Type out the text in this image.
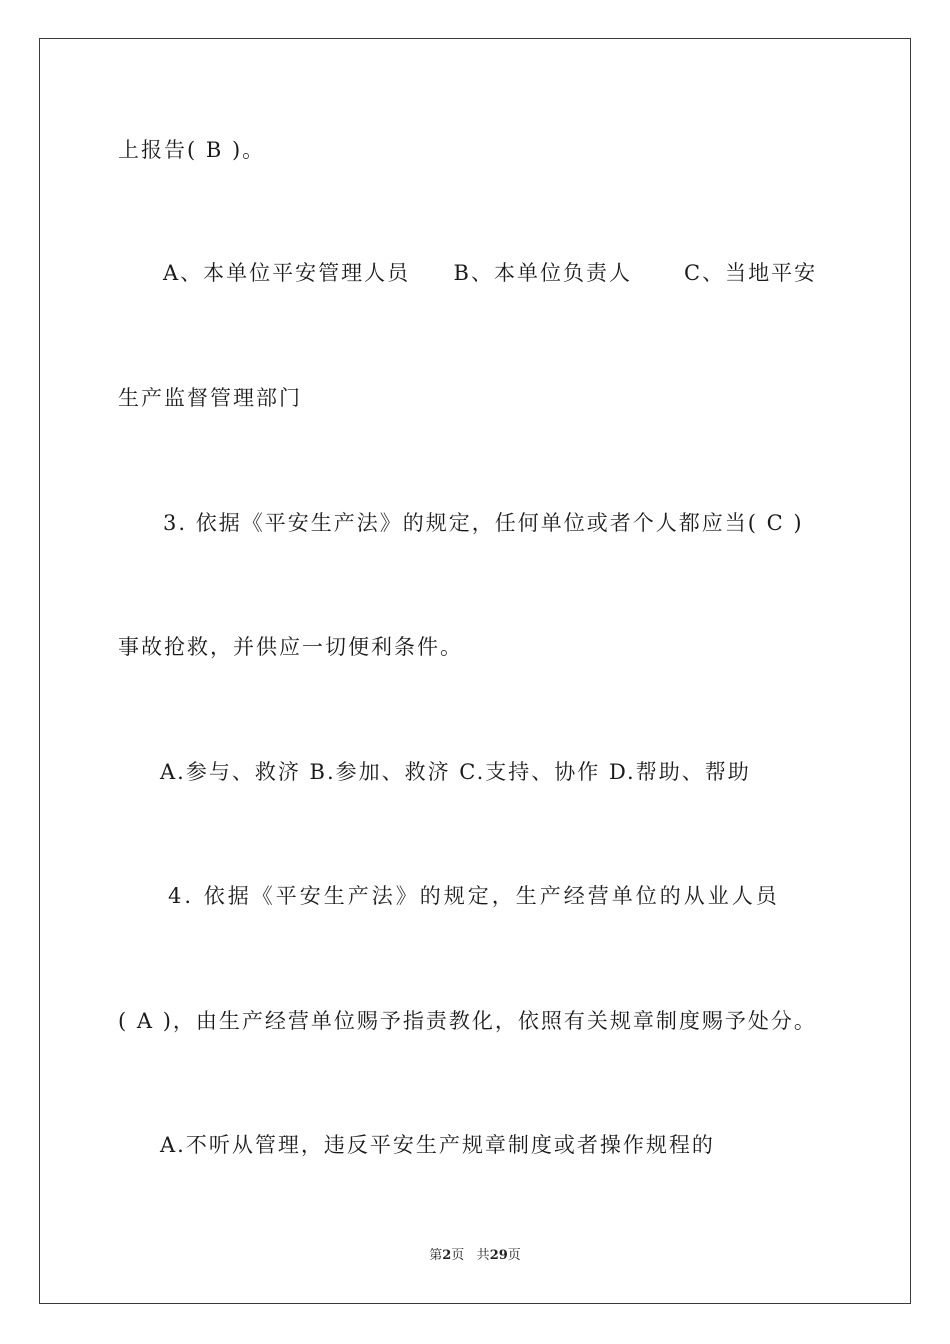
上报告( B )。
A、本单位平安管理人员     B、本单位负责人      C、当地平安
生产监督管理部门
3. 依据《平安生产法》的规定，任何单位或者个人都应当( C )
事故抢救，并供应一切便利条件。
A.参与、救济 B.参加、救济 C.支持、协作 D.帮助、帮助
4. 依据《平安生产法》的规定，生产经营单位的从业人员
( A )，由生产经营单位赐予指责教化，依照有关规章制度赐予处分。
A.不听从管理，违反平安生产规章制度或者操作规程的
第2页 共29页
